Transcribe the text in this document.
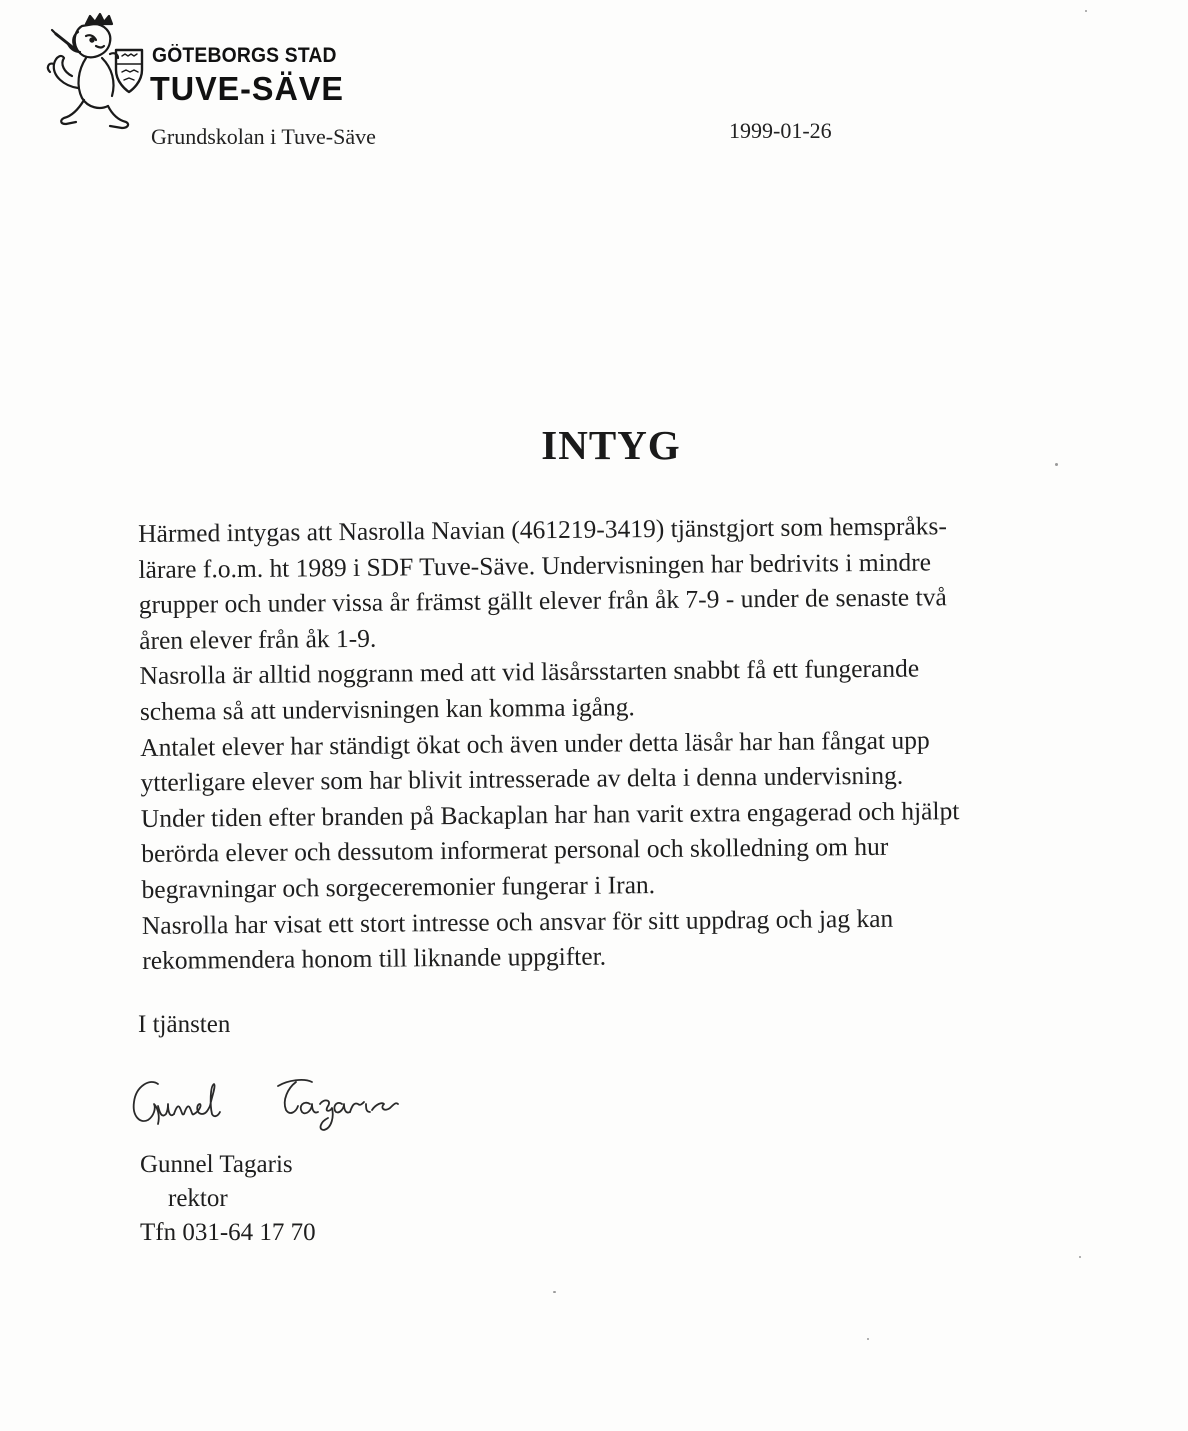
GÖTEBORGS STAD
TUVE-SÄVE
Grundskolan i Tuve-Säve	1999-01-26
INTYG
Härmed intygas att Nasrolla Navian (461219-3419) tjänstgjort som hemspråks-
lärare f.o.m. ht 1989 i SDF Tuve-Säve. Undervisningen har bedrivits i mindre
grupper och under vissa år främst gällt elever från åk 7-9 - under de senaste två
åren elever från åk 1-9.
Nasrolla är alltid noggrann med att vid läsårsstarten snabbt få ett fungerande
schema så att undervisningen kan komma igång.
Antalet elever har ständigt ökat och även under detta läsår har han fångat upp
ytterligare elever som har blivit intresserade av delta i denna undervisning.
Under tiden efter branden på Backaplan har han varit extra engagerad och hjälpt
berörda elever och dessutom informerat personal och skolledning om hur
begravningar och sorgeceremonier fungerar i Iran.
Nasrolla har visat ett stort intresse och ansvar för sitt uppdrag och jag kan
rekommendera honom till liknande uppgifter.
I tjänsten
Gunnel Tagaris
rektor
Tfn 031-64 17 70
